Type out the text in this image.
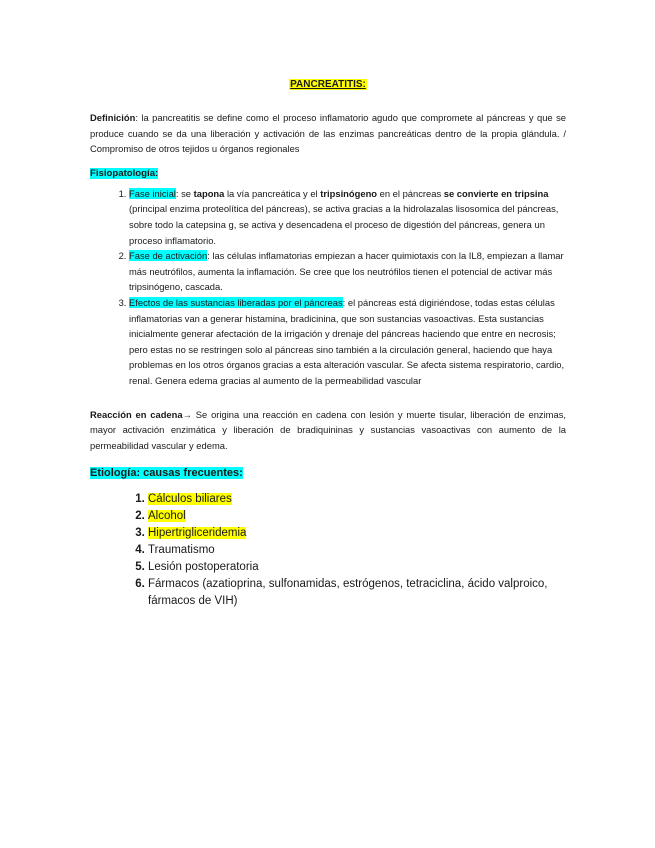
PANCREATITIS:

Definición: la pancreatitis se define como el proceso inflamatorio agudo que compromete al páncreas y que se produce cuando se da una liberación y activación de las enzimas pancreáticas dentro de la propia glándula. / Compromiso de otros tejidos u órganos regionales

Fisiopatología:
1. Fase inicial: se tapona la vía pancreática y el tripsinógeno en el páncreas se convierte en tripsina (principal enzima proteolítica del páncreas), se activa gracias a la hidrolazalas lisosomica del páncreas, sobre todo la catepsina g, se activa y desencadena el proceso de digestión del páncreas, genera un proceso inflamatorio.
2. Fase de activación: las células inflamatorias empiezan a hacer quimiotaxis con la IL8, empiezan a llamar más neutrófilos, aumenta la inflamación. Se cree que los neutrófilos tienen el potencial de activar más tripsinógeno, cascada.
3. Efectos de las sustancias liberadas por el páncreas: el páncreas está digiriéndose, todas estas células inflamatorias van a generar histamina, bradicinina, que son sustancias vasoactivas. Esta sustancias inicialmente generar afectación de la irrigación y drenaje del páncreas haciendo que entre en necrosis; pero estas no se restringen solo al páncreas sino también a la circulación general, haciendo que haya problemas en los otros órganos gracias a esta alteración vascular. Se afecta sistema respiratorio, cardio, renal. Genera edema gracias al aumento de la permeabilidad vascular

Reacción en cadena→ Se origina una reacción en cadena con lesión y muerte tisular, liberación de enzimas, mayor activación enzimática y liberación de bradiquininas y sustancias vasoactivas con aumento de la permeabilidad vascular y edema.

Etiología: causas frecuentes:
1. Cálculos biliares
2. Alcohol
3. Hipertrigliceridemia
4. Traumatismo
5. Lesión postoperatoria
6. Fármacos (azatioprina, sulfonamidas, estrógenos, tetraciclina, ácido valproico, fármacos de VIH)
